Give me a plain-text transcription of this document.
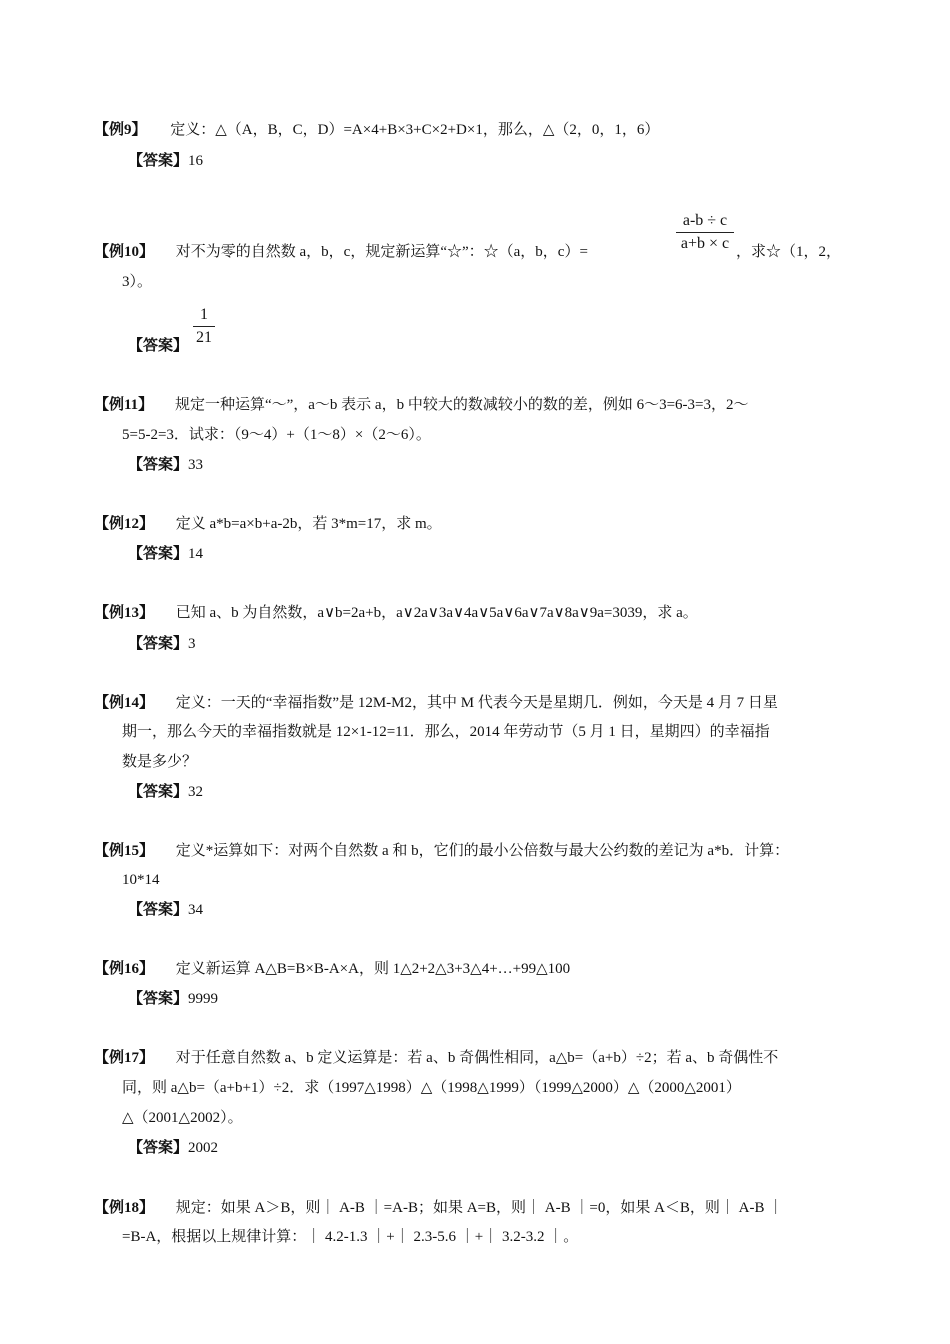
【例9】 定义：△（A，B，C，D）=A×4+B×3+C×2+D×1，那么，△（2，0，1，6）
【答案】16
【例10】 对不为零的自然数 a，b，c，规定新运算“☆”：☆（a，b，c）=
a-b ÷ c
a+b × c ，求☆（1，2，
3）。
【答案】
1
21
【例11】 规定一种运算“～”，a～b 表示 a，b 中较大的数减较小的数的差，例如 6～3=6-3=3，2～
5=5-2=3．试求：（9～4）+（1～8）×（2～6）。
【答案】33
【例12】 定义 a*b=a×b+a-2b，若 3*m=17，求 m。
【答案】14
【例13】 已知 a、b 为自然数，a∨b=2a+b，a∨2a∨3a∨4a∨5a∨6a∨7a∨8a∨9a=3039，求 a。
【答案】3
【例14】 定义：一天的“幸福指数”是 12M-M2，其中 M 代表今天是星期几．例如，今天是 4 月 7 日星
期一，那么今天的幸福指数就是 12×1-12=11．那么，2014 年劳动节（5 月 1 日，星期四）的幸福指
数是多少？
【答案】32
【例15】 定义*运算如下：对两个自然数 a 和 b，它们的最小公倍数与最大公约数的差记为 a*b．计算：
10*14
【答案】34
【例16】 定义新运算 A△B=B×B-A×A，则 1△2+2△3+3△4+…+99△100
【答案】9999
【例17】 对于任意自然数 a、b 定义运算是：若 a、b 奇偶性相同，a△b=（a+b）÷2；若 a、b 奇偶性不
同，则 a△b=（a+b+1）÷2．求（1997△1998）△（1998△1999）（1999△2000）△（2000△2001）
△（2001△2002）。
【答案】2002
【例18】 规定：如果 A＞B，则｜ A-B ｜=A-B；如果 A=B，则｜ A-B ｜=0，如果 A＜B，则｜ A-B ｜
=B-A，根据以上规律计算：｜ 4.2-1.3 ｜+｜ 2.3-5.6 ｜+｜ 3.2-3.2 ｜。
